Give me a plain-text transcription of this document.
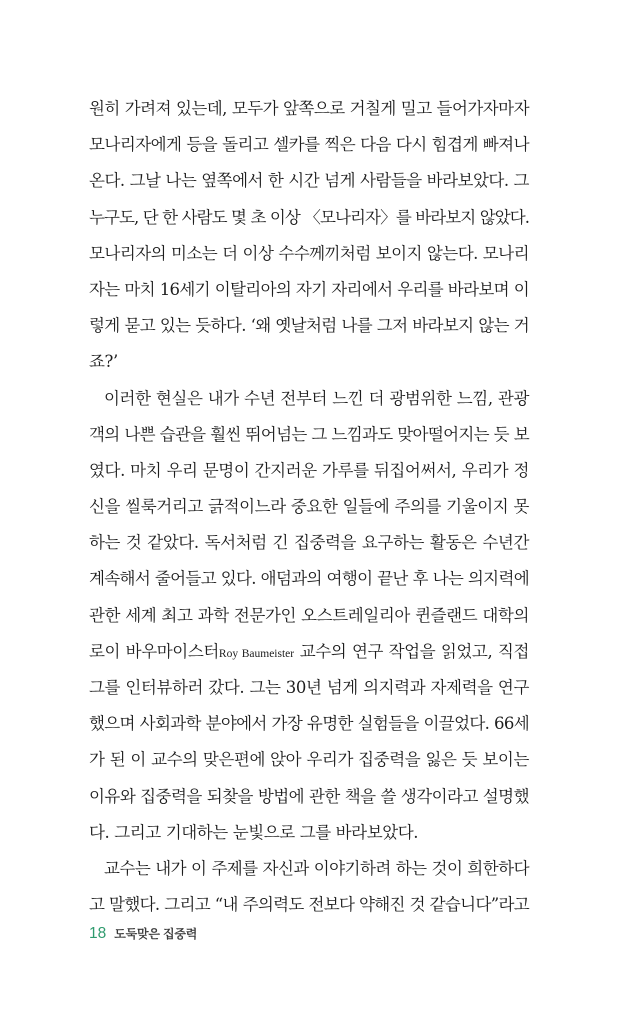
원히 가려져 있는데, 모두가 앞쪽으로 거칠게 밀고 들어가자마자
모나리자에게 등을 돌리고 셀카를 찍은 다음 다시 힘겹게 빠져나
온다. 그날 나는 옆쪽에서 한 시간 넘게 사람들을 바라보았다. 그
누구도, 단 한 사람도 몇 초 이상 〈모나리자〉를 바라보지 않았다.
모나리자의 미소는 더 이상 수수께끼처럼 보이지 않는다. 모나리
자는 마치 16세기 이탈리아의 자기 자리에서 우리를 바라보며 이
렇게 묻고 있는 듯하다. ‘왜 옛날처럼 나를 그저 바라보지 않는 거
죠?’
이러한 현실은 내가 수년 전부터 느낀 더 광범위한 느낌, 관광
객의 나쁜 습관을 훨씬 뛰어넘는 그 느낌과도 맞아떨어지는 듯 보
였다. 마치 우리 문명이 간지러운 가루를 뒤집어써서, 우리가 정
신을 씰룩거리고 긁적이느라 중요한 일들에 주의를 기울이지 못
하는 것 같았다. 독서처럼 긴 집중력을 요구하는 활동은 수년간
계속해서 줄어들고 있다. 애덤과의 여행이 끝난 후 나는 의지력에
관한 세계 최고 과학 전문가인 오스트레일리아 퀸즐랜드 대학의
로이 바우마이스터Roy Baumeister 교수의 연구 작업을 읽었고, 직접
그를 인터뷰하러 갔다. 그는 30년 넘게 의지력과 자제력을 연구
했으며 사회과학 분야에서 가장 유명한 실험들을 이끌었다. 66세
가 된 이 교수의 맞은편에 앉아 우리가 집중력을 잃은 듯 보이는
이유와 집중력을 되찾을 방법에 관한 책을 쓸 생각이라고 설명했
다. 그리고 기대하는 눈빛으로 그를 바라보았다.
교수는 내가 이 주제를 자신과 이야기하려 하는 것이 희한하다
고 말했다. 그리고 “내 주의력도 전보다 약해진 것 같습니다”라고
18 도둑맞은 집중력
